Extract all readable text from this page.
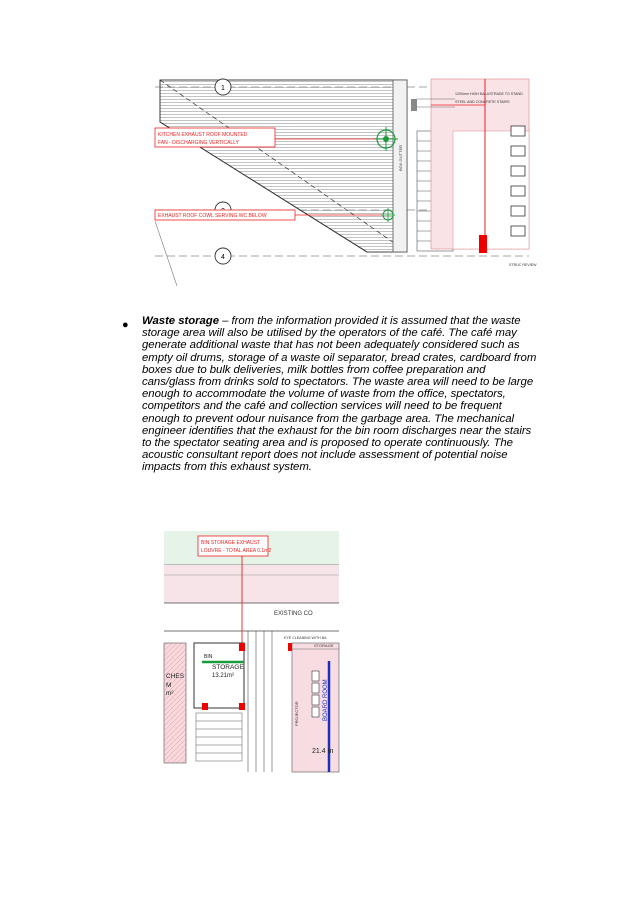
BOX GUTTER
1200mm HIGH BALUSTRADE TO STAND
STEEL AND CONCRETE STAIRS
STRUC REVIEW
1
4
KITCHEN EXHAUST ROOF MOUNTED FAN - DISCHARGING VERTICALLY
EXHAUST ROOF COWL SERVING WC BELOW
● Waste storage – from the information provided it is assumed that the waste storage area will also be utilised by the operators of the café. The café may generate additional waste that has not been adequately considered such as empty oil drums, storage of a waste oil separator, bread crates, cardboard from boxes due to bulk deliveries, milk bottles from coffee preparation and cans/glass from drinks sold to spectators. The waste area will need to be large enough to accommodate the volume of waste from the office, spectators, competitors and the café and collection services will need to be frequent enough to prevent odour nuisance from the garbage area. The mechanical engineer identifies that the exhaust for the bin room discharges near the stairs to the spectator seating area and is proposed to operate continuously. The acoustic consultant report does not include assessment of potential noise impacts from this exhaust system.
EXISTING CO
BIN STORAGE EXHAUST LOUVRE - TOTAL AREA 0.1m2
CHES
M
m²
BIN
STORAGE
13.21m²
STORAGE
EYE CLEANING WITH BA
PROJECTOR	BOARD ROOM
21.4 m
